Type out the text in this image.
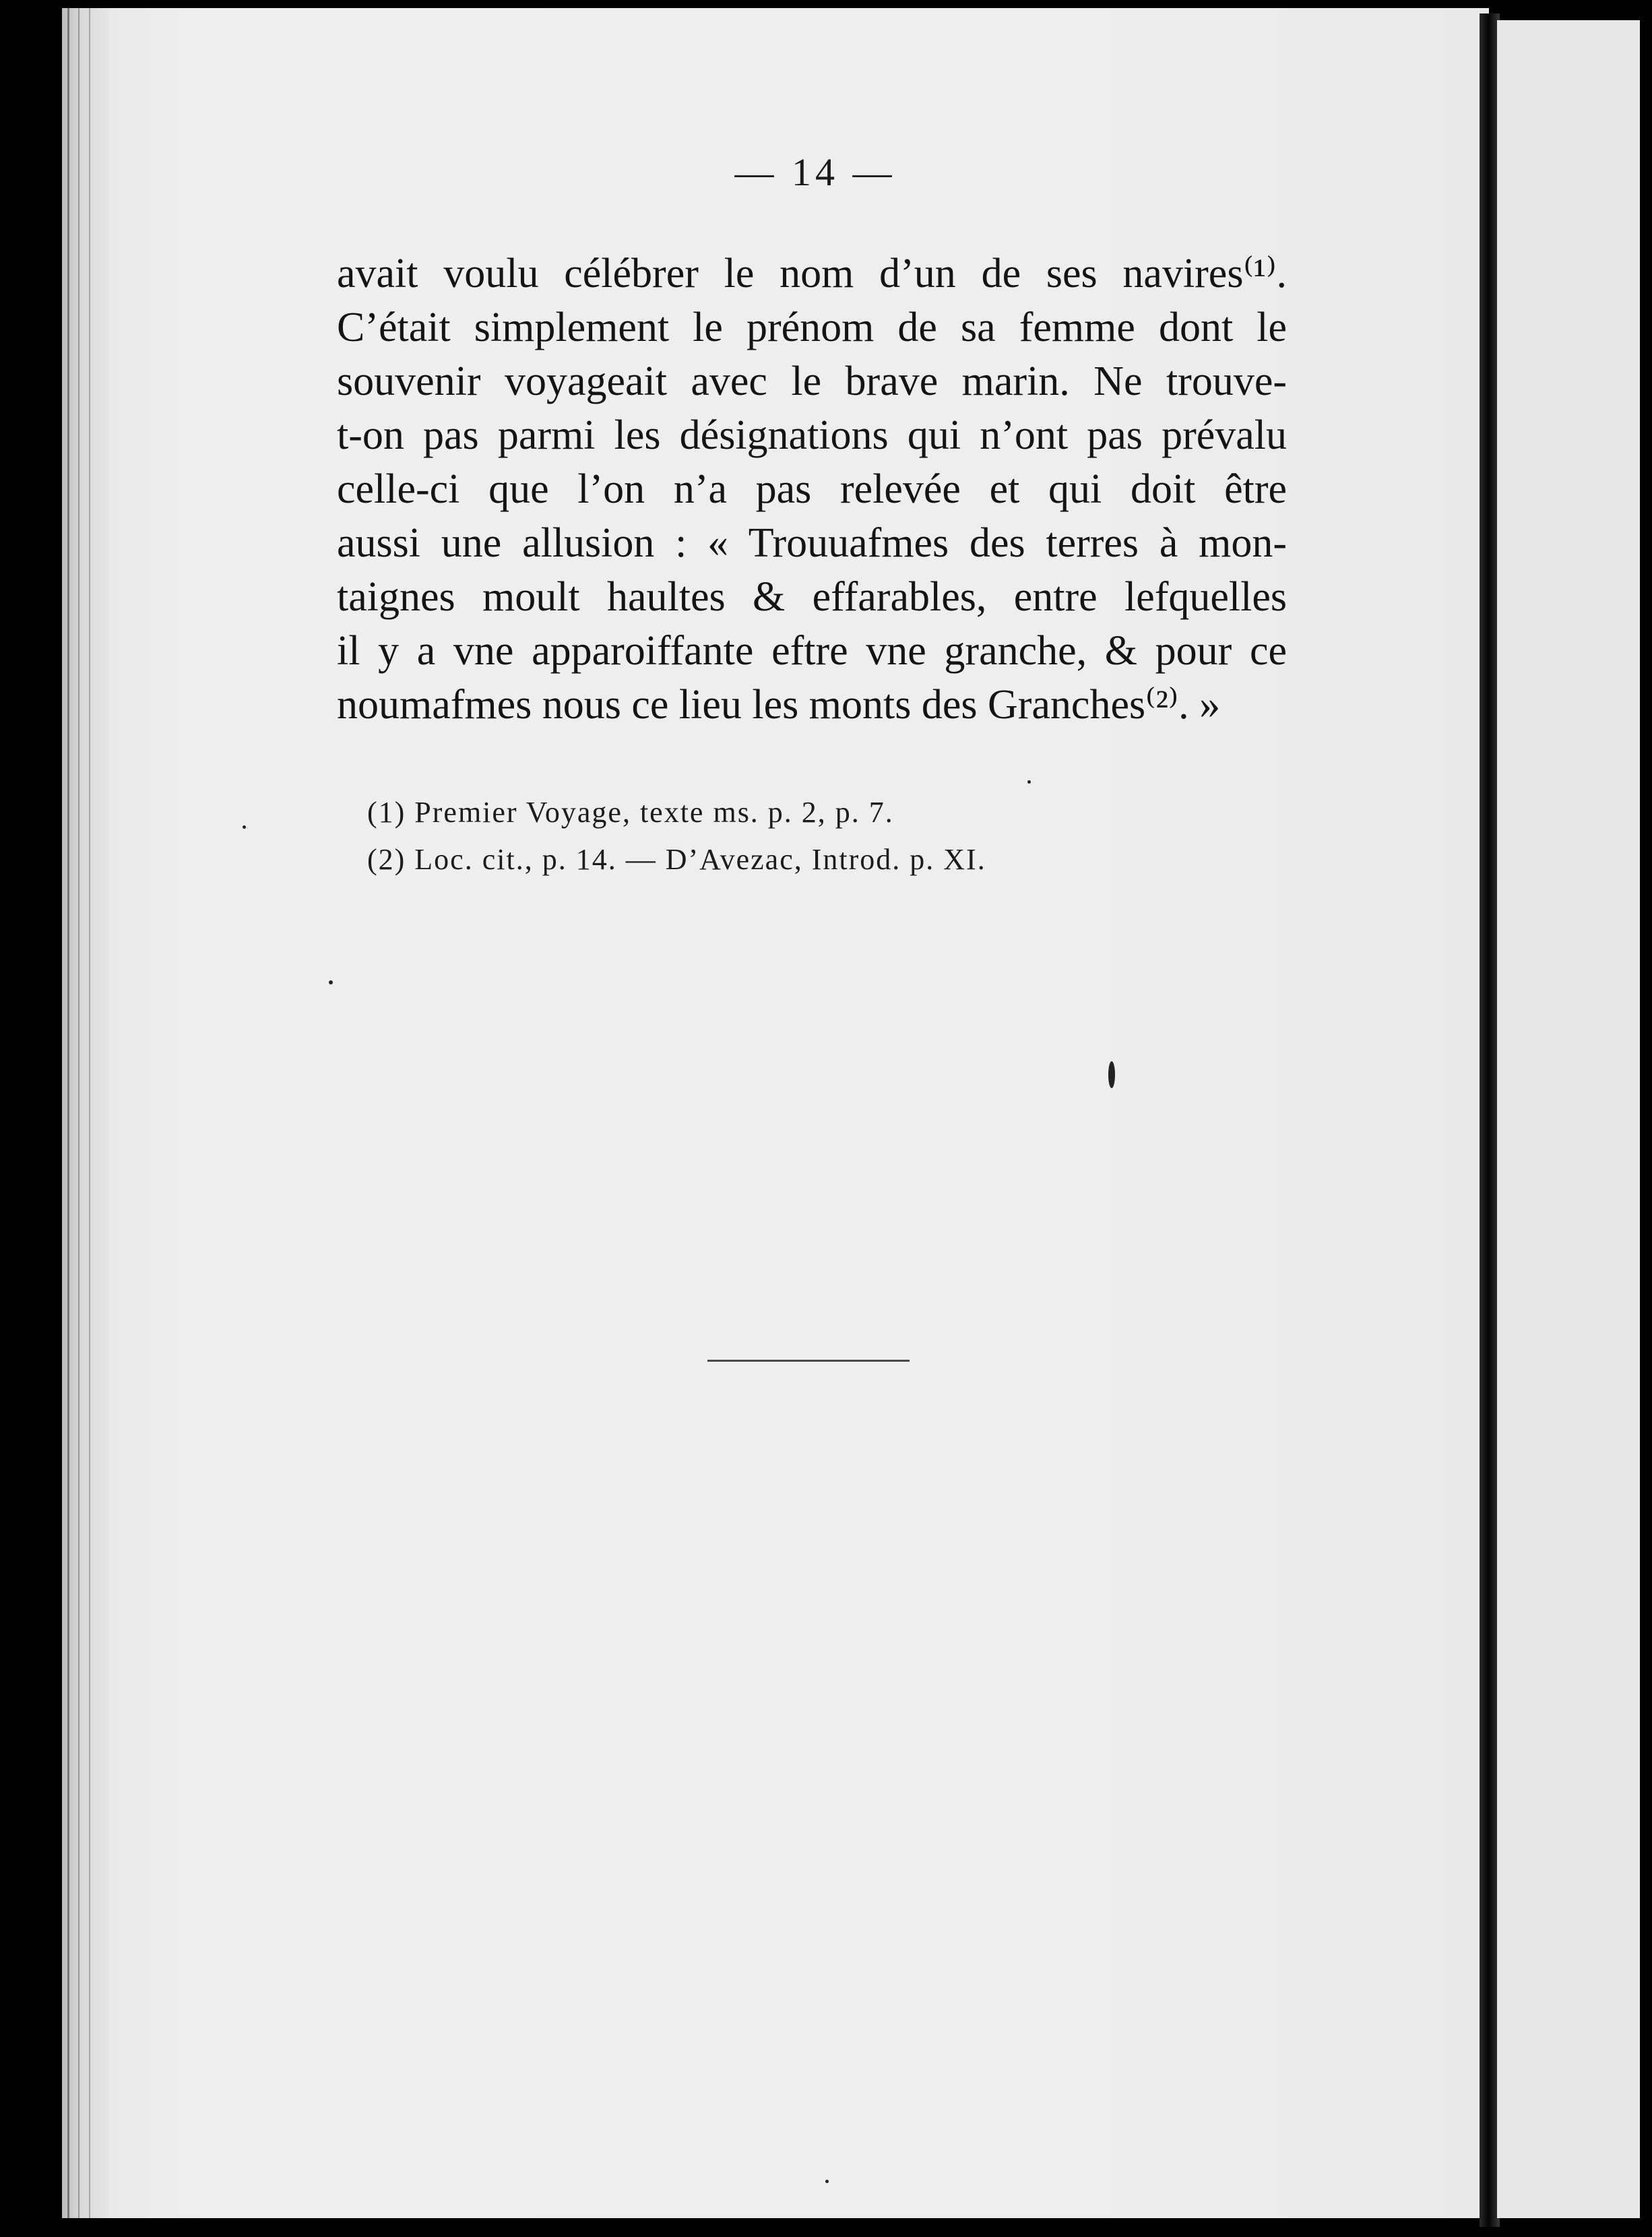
— 14 —
avait voulu célébrer le nom d’un de ses navires⁽¹⁾.
C’était simplement le prénom de sa femme dont le
souvenir voyageait avec le brave marin. Ne trouve-
t-on pas parmi les désignations qui n’ont pas prévalu
celle-ci que l’on n’a pas relevée et qui doit être
aussi une allusion : « Trouuafmes des terres à mon-
taignes moult haultes & effarables, entre lefquelles
il y a vne apparoiffante eftre vne granche, & pour ce
noumafmes nous ce lieu les monts des Granches⁽²⁾. »
(1) Premier Voyage, texte ms. p. 2, p. 7.
(2) Loc. cit., p. 14. — D’Avezac, Introd. p. XI.
